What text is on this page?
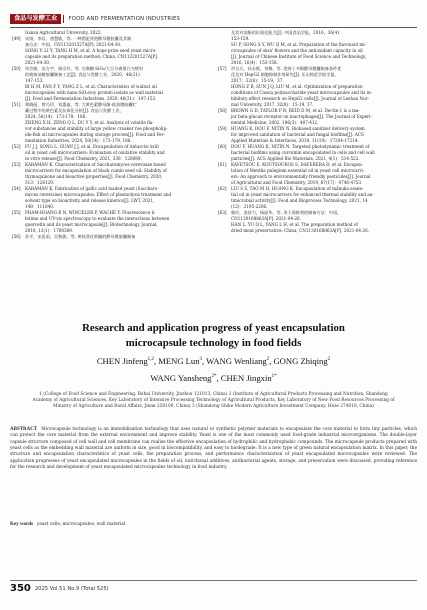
食品与发酵工业	FOOD AND FERMENTATION INDUSTRIES
Gansu Agricultural University, 2022.
[49]	宋扬，李岩，唐慧敏，等. 一种酒泥芽孢酵母微胶囊及其制
备方法：中国，CN113201527A[P]. 2021-04-30.
SONG Y, LI Y, TANG H M, et al. A hops-prize seed yeast micro-
capsule and its preparation method; China, CN113201527A[P].
2021-04-30.
[50]	毕会敏，范方宇，杨宗玲，等. 壳聚糖-SiO₂/大豆分离蛋白为壁材
的桃核油微胶囊制备工艺[J]. 食品与发酵工业，2020，46(21)：
147-153.
BI H M, FAN F Y, YANG Z L, et al. Characteristics of walnut oil
microcapsules with nano-SiO₂/soy protein isolate as wall material
[J]. Food and Fermentation Industries, 2020, 46(21)：147-153.
[51]	郑晓丽，曾巧玲，刘惠迪，等. 大黄色素酵母菌-低油微胶囊贮
藏过程中的黄色素及抗氧化分析[J]. 食品与发酵工业，
2024, 50(14)：173-179，186.
ZHENG X H, ZENG Q L, DU Y Y, et al. Analysis of volatile fla-
vor substances and stability of large yellow croaker roe phospholip-
ide-fish oil microcapsules during storage process[J]. Food and Fer-
mentation Industries, 2024, 50(14)：173-179, 186.
[52]	FU J J, SONG L, GUAN J J, et al. Encapsulation of Antarctic krill
oil in yeast cell microcarriers: Evaluation of oxidative stability and
in vitro release[J]. Food Chemistry, 2021, 338：128089.
[53]	KARAMAN K. Characterization of Saccharomyces cerevisiae based
microcarriers for encapsulation of black cumin seed oil: Stability of
thymoquinone and bioactive properties[J]. Food Chemistry, 2020,
313：126129.
[54]	KARAMAN K. Fabrication of gallic acid loaded yeast (Saccharo-
myces cerevisiae) microcapsules: Effect of plasmolysis treatment and
solvent type on bioactivity and release kinetics[J]. LWT, 2021,
148：111640.
[55]	PHAM-HOANG B N, WINCKLER P, WACHÉ Y. Fluorescence li-
fetime and UV-vis spectroscopy to evaluate the interactions between
quercetin and its yeast microcapsule[J]. Biotechnology Journal,
2018, 13(1)：1700389.
[56]	苏平，宋思雨，吴秋敏，等. 黄秋葵花黄酮的酵母微胶囊制备
及其对油脂的抗氧化能力[J]. 中国食品学报，2016，36(4)：
153-159.
SU P, SONG S Y, WU Q M, et al. Preparation of the flavonoid mi-
crocapsules of okra' flowers and the antioxidant capacity in oil
[J]. Journal of Chinese Institute of Food Science and Technology,
2016, 16(4)：153-158.
[57]	洪自兵，孙永姬，刘梅，等. 泡荷子多酚酵母微囊制备条件优
化及对 HepG2 细胞抑制作用研究[J]. 乐山师范学院学报，
2017，32(8)：15-19，37.
HONG Z B, SUN J Q, LIU M, et al. Optimization of preparation
conditions of Cassia polysaccharide yeast microcapsules and its in-
hibitory effect research on HepG2 cells[J]. Journal of Leshan Nor-
mal University, 2017, 32(8)：15-19, 37.
[58]	BROWN G D, TAYLOR P R, REID D M, et al. Dectin-1 is a ma-
jor beta-glucan receptor on macrophages[J]. The Journal of Experi-
mental Medicine, 2002, 196(3)：407-412.
[59]	HUANG K, DOU F, NITIN N. Biobased sanitizer delivery system
for improved sanitation of bacterial and fungal biofilms[J]. ACS
Applied Materials & Interfaces, 2019, 11(19)：17204-17214.
[60]	DOU F, HUANG K, NITIN N. Targeted photodynamic treatment of
bacterial biofilms using curcumin encapsulated in cells and cell wall
particles[J]. ACS Applied Bio Materials, 2021, 4(1)：514-522.
[61]	KAVETSOU E, KOUTSOUKOS S, DAFERERA D, et al. Encapsu-
lation of Mentha pulegium essential oil in yeast cell microcarri-
ers: An approach to environmentally friendly pesticides[J]. Journal
of Agricultural and Food Chemistry, 2019, 67(17)：4746-4753.
[62]	LIU S S, TAO M H, HUANG K. Encapsulation of mânuka essen-
tial oil in yeast microcarriers for enhanced thermal stability and an-
timicrobial activity[J]. Food and Bioprocess Technology, 2021, 14
(12)：2195-2206.
[63]	韩玲，金舒力，杨丽华，等. 用于保鲜剂的制备方法：中国，
CN1130168863A[P]. 2021-04-26.
HAN L, YU Q L, YANG L H, et al. The preparation method of
dried meat preservative: China, CN1130168863A[P]. 2021-04-26.
Research and application progress of yeast encapsulation
microcapsule technology in food fields
CHEN Jinfeng$^{1,2}$, MENG Lun$^3$, WANG Wenliang$^2$, GONG Zhiqing$^2$
WANG Yansheng$^{2*}$, CHEN Jingxin$^{1*}$
1 (College of Food Science and Engineering, Bohai University, Jinzhou 121013, China) 2 (Institute of Agricultural Products Processing and Nutrition, Shandong Academy of Agricultural Sciences, Key Laboratory of Intensive Processing Technology of Agricultural Products, Key Laboratory of New Food Resources Processing of Ministry of Agriculture and Rural Affairs, Jinan 250100, China) 3 (Shandong Shike Modern Agriculture Investment Company, Heze 274018, China)
ABSTRACT Microcapsule technology is an immobilization technology that uses natural or synthetic polymer materials to encapsulate the core material to form tiny particles, which can protect the core material from the external environment and improve stability. Yeast is one of the most commonly used food-grade industrial microorganisms. The double-layer capsule structure composed of cell wall and cell membrane can realize the effective encapsulation of hydrophilic and hydrophobic compounds. The microcapsule products prepared with yeast cells as the embedding wall material are uniform in size, good in biocompatibility, and easy to biodegrade. It is a new type of green natural encapsulation matrix. In this paper, the structure and encapsulation characteristics of yeast cells, the preparation process, and performance characterization of yeast encapsulated microcapsules were reviewed. The application progresses of yeast encapsulated microcapsules in the fields of oil, nutritional additives, antibacterial agents, storage, and preservation were discussed, providing reference for the research and development of yeast encapsulated microcapsules technology in food industry.
Key words yeast cells; microcapsules; wall material
350 2025 Vol.51 No.9 (Total 525)
